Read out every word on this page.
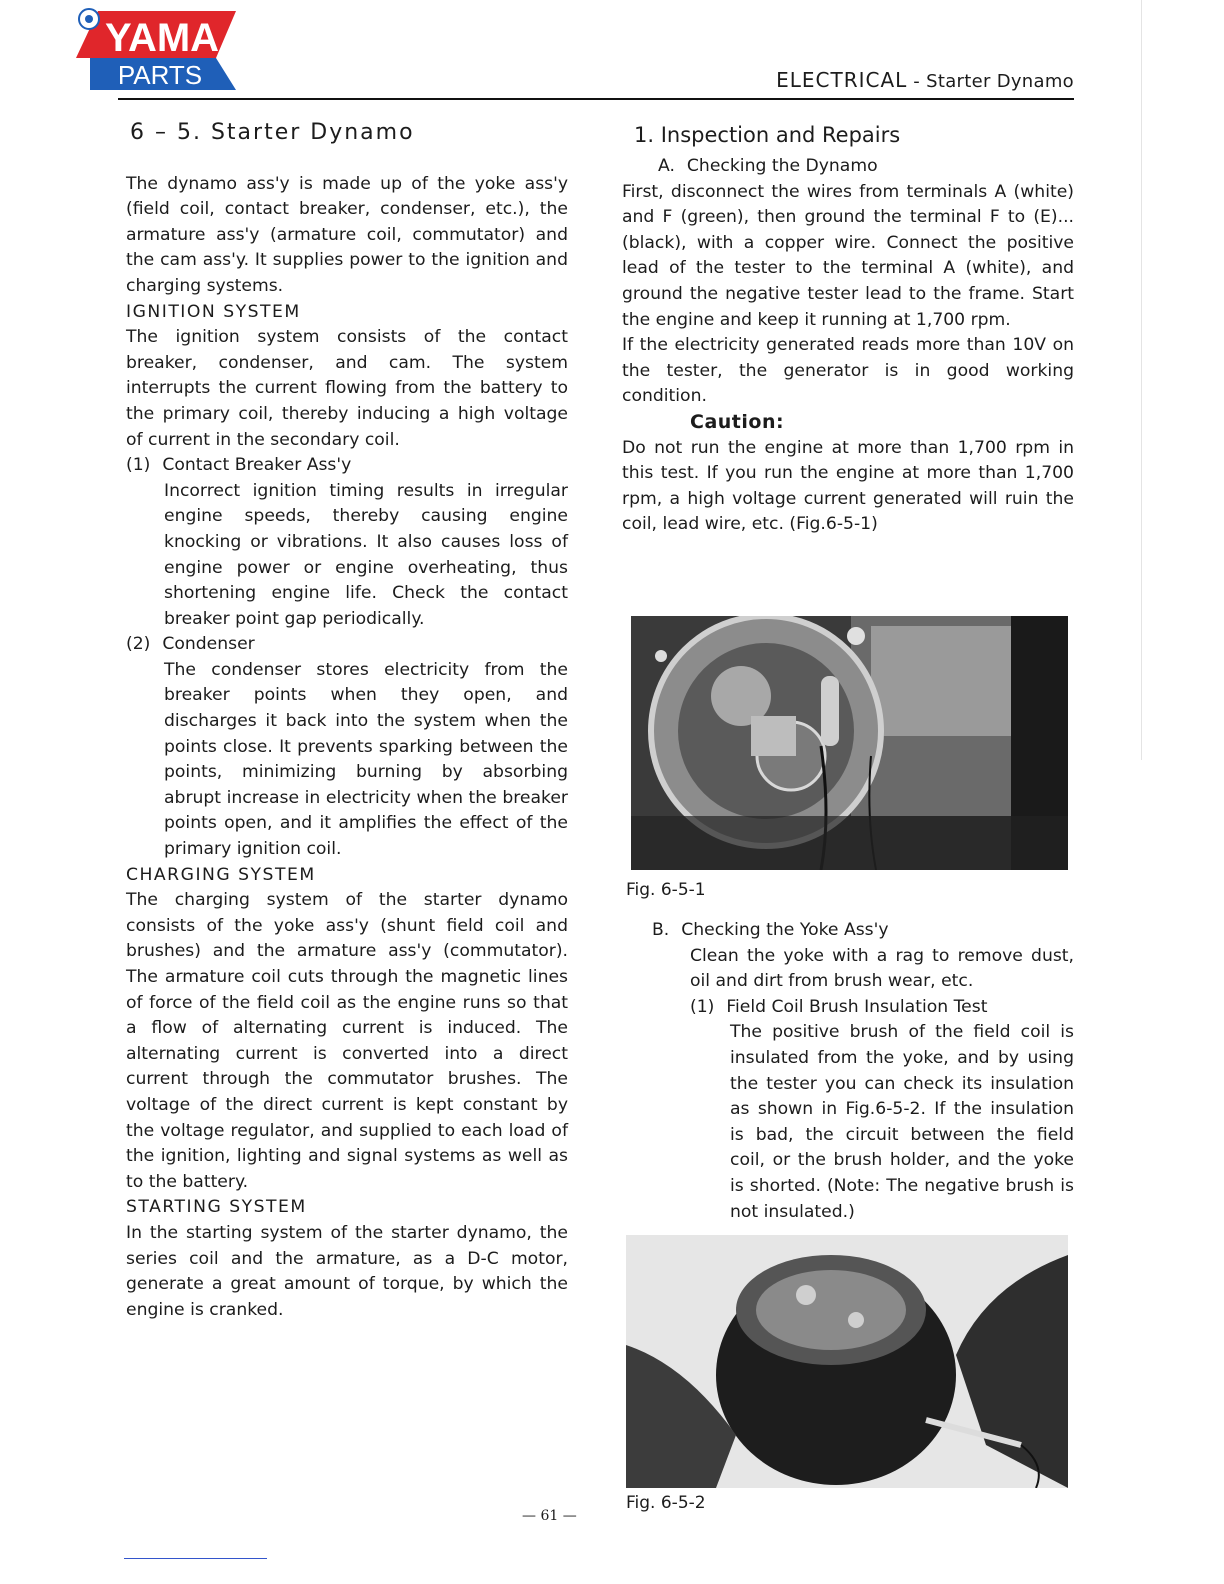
YAMA
PARTS	ELECTRICAL - Starter Dynamo
6 – 5. Starter Dynamo

The dynamo ass'y is made up of the yoke ass'y (field coil, contact breaker, condenser, etc.), the armature ass'y (armature coil, commutator) and the cam ass'y. It supplies power to the ignition and charging systems.

IGNITION SYSTEM

The ignition system consists of the contact breaker, condenser, and cam. The system interrupts the current flowing from the battery to the primary coil, thereby inducing a high voltage of current in the secondary coil.

(1) Contact Breaker Ass'y

Incorrect ignition timing results in irregular engine speeds, thereby causing engine knocking or vibrations. It also causes loss of engine power or engine overheating, thus shortening engine life. Check the contact breaker point gap periodically.

(2) Condenser

The condenser stores electricity from the breaker points when they open, and discharges it back into the system when the points close. It prevents sparking between the points, minimizing burning by absorbing abrupt increase in electricity when the breaker points open, and it amplifies the effect of the primary ignition coil.

CHARGING SYSTEM

The charging system of the starter dynamo consists of the yoke ass'y (shunt field coil and brushes) and the armature ass'y (commutator). The armature coil cuts through the magnetic lines of force of the field coil as the engine runs so that a flow of alternating current is induced. The alternating current is converted into a direct current through the commutator brushes. The voltage of the direct current is kept constant by the voltage regulator, and supplied to each load of the ignition, lighting and signal systems as well as to the battery.

STARTING SYSTEM

In the starting system of the starter dynamo, the series coil and the armature, as a D-C motor, generate a great amount of torque, by which the engine is cranked.

1. Inspection and Repairs
A. Checking the Dynamo

First, disconnect the wires from terminals A (white) and F (green), then ground the terminal F to (E)...(black), with a copper wire. Connect the positive lead of the tester to the terminal A (white), and ground the negative tester lead to the frame. Start the engine and keep it running at 1,700 rpm.

If the electricity generated reads more than 10V on the tester, the generator is in good working condition.

Caution:

Do not run the engine at more than 1,700 rpm in this test. If you run the engine at more than 1,700 rpm, a high voltage current generated will ruin the coil, lead wire, etc. (Fig.6-5-1)

Fig. 6-5-1
B. Checking the Yoke Ass'y

Clean the yoke with a rag to remove dust, oil and dirt from brush wear, etc.

(1) Field Coil Brush Insulation Test

The positive brush of the field coil is insulated from the yoke, and by using the tester you can check its insulation as shown in Fig.6-5-2. If the insulation is bad, the circuit between the field coil, or the brush holder, and the yoke is shorted. (Note: The negative brush is not insulated.)

Fig. 6-5-2
— 61 —
